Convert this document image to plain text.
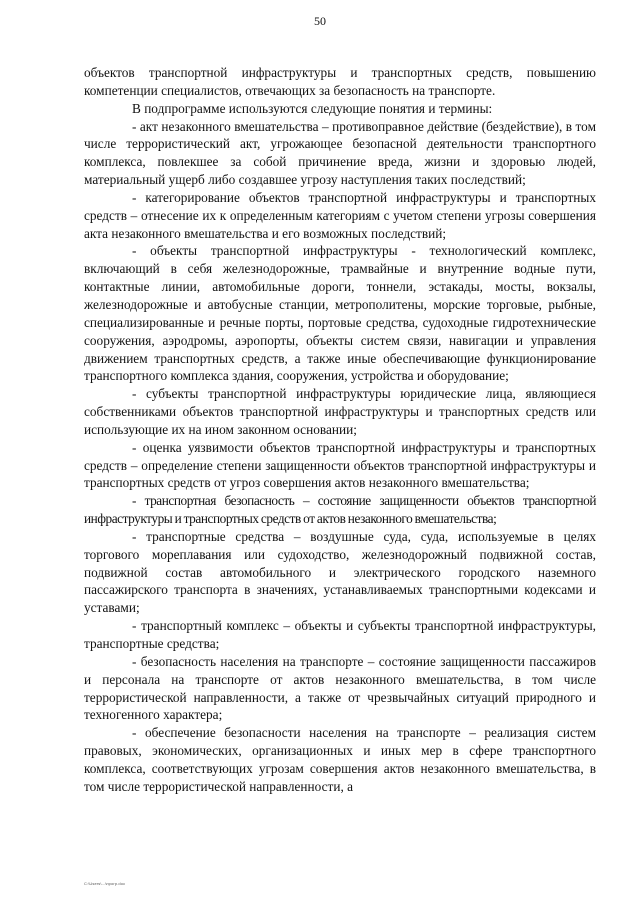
50

объектов транспортной инфраструктуры и транспортных средств, повышению компетенции специалистов, отвечающих за безопасность на транспорте.

В подпрограмме используются следующие понятия и термины:

- акт незаконного вмешательства – противоправное действие (бездействие), в том числе террористический акт, угрожающее безопасной деятельности транспортного комплекса, повлекшее за собой причинение вреда, жизни и здоровью людей, материальный ущерб либо создавшее угрозу наступления таких последствий;

- категорирование объектов транспортной инфраструктуры и транспортных средств – отнесение их к определенным категориям с учетом степени угрозы совершения акта незаконного вмешательства и его возможных последствий;

- объекты транспортной инфраструктуры - технологический комплекс, включающий в себя железнодорожные, трамвайные и внутренние водные пути, контактные линии, автомобильные дороги, тоннели, эстакады, мосты, вокзалы, железнодорожные и автобусные станции, метрополитены, морские торговые, рыбные, специализированные и речные порты, портовые средства, судоходные гидротехнические сооружения, аэродромы, аэропорты, объекты систем связи, навигации и управления движением транспортных средств, а также иные обеспечивающие функционирование транспортного комплекса здания, сооружения, устройства и оборудование;

- субъекты транспортной инфраструктуры юридические лица, являющиеся собственниками объектов транспортной инфраструктуры и транспортных средств или использующие их на ином законном основании;

- оценка уязвимости объектов транспортной инфраструктуры и транспортных средств – определение степени защищенности объектов транспортной инфраструктуры и транспортных средств от угроз совершения актов незаконного вмешательства;

- транспортная безопасность – состояние защищенности объектов транспортной инфраструктуры и транспортных средств от актов незаконного вмешательства;

- транспортные средства – воздушные суда, суда, используемые в целях торгового мореплавания или судоходство, железнодорожный подвижной состав, подвижной состав автомобильного и электрического городского наземного пассажирского транспорта в значениях, устанавливаемых транспортными кодексами и уставами;

- транспортный комплекс – объекты и субъекты транспортной инфраструктуры, транспортные средства;

- безопасность населения на транспорте – состояние защищенности пассажиров и персонала на транспорте от актов незаконного вмешательства, в том числе террористической направленности, а также от чрезвычайных ситуаций природного и техногенного характера;

- обеспечение безопасности населения на транспорте – реализация систем правовых, экономических, организационных и иных мер в сфере транспортного комплекса, соответствующих угрозам совершения актов незаконного вмешательства, в том числе террористической направленности, а

C:\Users\...\прогр.doc
